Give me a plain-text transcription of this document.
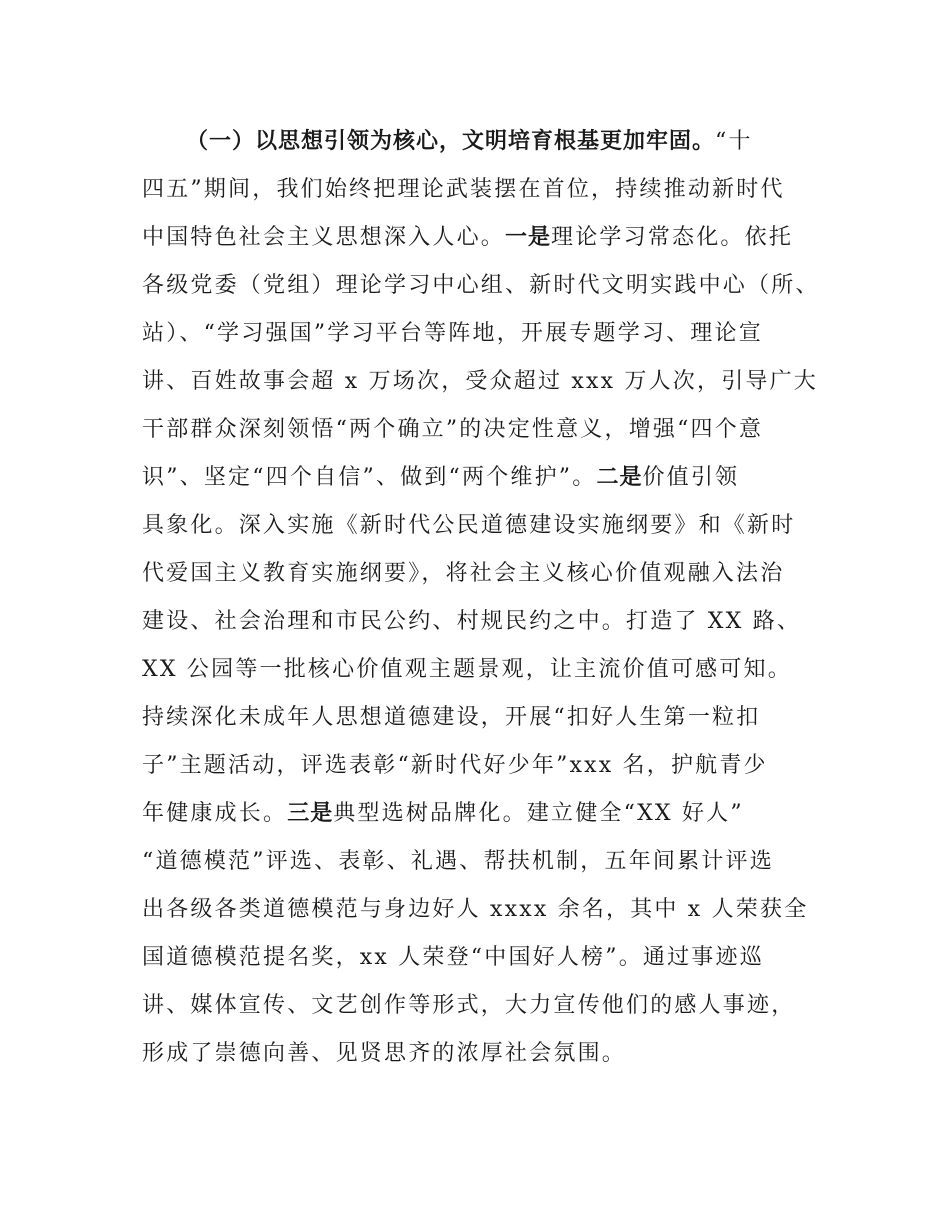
（一）以思想引领为核心，文明培育根基更加牢固。“十
四五”期间，我们始终把理论武装摆在首位，持续推动新时代
中国特色社会主义思想深入人心。一是理论学习常态化。依托
各级党委（党组）理论学习中心组、新时代文明实践中心（所、
站）、“学习强国”学习平台等阵地，开展专题学习、理论宣
讲、百姓故事会超 x 万场次，受众超过 xxx 万人次，引导广大
干部群众深刻领悟“两个确立”的决定性意义，增强“四个意
识”、坚定“四个自信”、做到“两个维护”。二是价值引领
具象化。深入实施《新时代公民道德建设实施纲要》和《新时
代爱国主义教育实施纲要》，将社会主义核心价值观融入法治
建设、社会治理和市民公约、村规民约之中。打造了 XX 路、
XX 公园等一批核心价值观主题景观，让主流价值可感可知。
持续深化未成年人思想道德建设，开展“扣好人生第一粒扣
子”主题活动，评选表彰“新时代好少年”xxx 名，护航青少
年健康成长。三是典型选树品牌化。建立健全“XX 好人”
“道德模范”评选、表彰、礼遇、帮扶机制，五年间累计评选
出各级各类道德模范与身边好人 xxxx 余名，其中 x 人荣获全
国道德模范提名奖，xx 人荣登“中国好人榜”。通过事迹巡
讲、媒体宣传、文艺创作等形式，大力宣传他们的感人事迹，
形成了崇德向善、见贤思齐的浓厚社会氛围。
